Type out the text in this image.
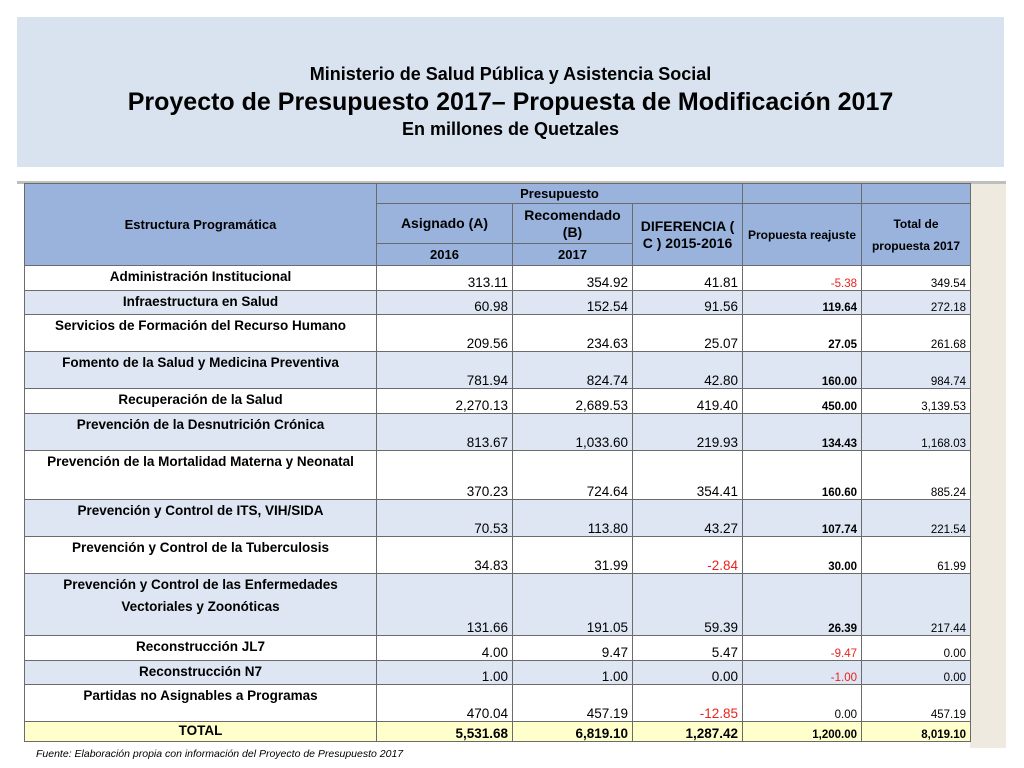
Ministerio de Salud Pública y Asistencia Social
Proyecto de Presupuesto 2017– Propuesta de Modificación 2017
En millones de Quetzales
Estructura Programática	Presupuesto				
	Asignado (A)	Recomendado (B)	DIFERENCIA ( C ) 2015-2016	Propuesta reajuste	Total de propuesta 2017
	2016	2017			
Administración Institucional	313.11	354.92	41.81	-5.38	349.54
Infraestructura en Salud	60.98	152.54	91.56	119.64	272.18
Servicios de Formación del Recurso Humano	209.56	234.63	25.07	27.05	261.68
Fomento de la Salud y Medicina Preventiva	781.94	824.74	42.80	160.00	984.74
Recuperación de la Salud	2,270.13	2,689.53	419.40	450.00	3,139.53
Prevención de la Desnutrición Crónica	813.67	1,033.60	219.93	134.43	1,168.03
Prevención de la Mortalidad Materna y Neonatal	370.23	724.64	354.41	160.60	885.24
Prevención y Control de ITS, VIH/SIDA	70.53	113.80	43.27	107.74	221.54
Prevención y Control de la Tuberculosis	34.83	31.99	-2.84	30.00	61.99

Prevención y Control de las Enfermedades
Vectoriales y Zoonóticas	131.66	191.05	59.39	26.39	217.44
Reconstrucción JL7	4.00	9.47	5.47	-9.47	0.00
Reconstrucción N7	1.00	1.00	0.00	-1.00	0.00
Partidas no Asignables a Programas	470.04	457.19	-12.85	0.00	457.19
TOTAL	5,531.68	6,819.10	1,287.42	1,200.00	8,019.10
Fuente: Elaboración propia con información del Proyecto de Presupuesto 2017
